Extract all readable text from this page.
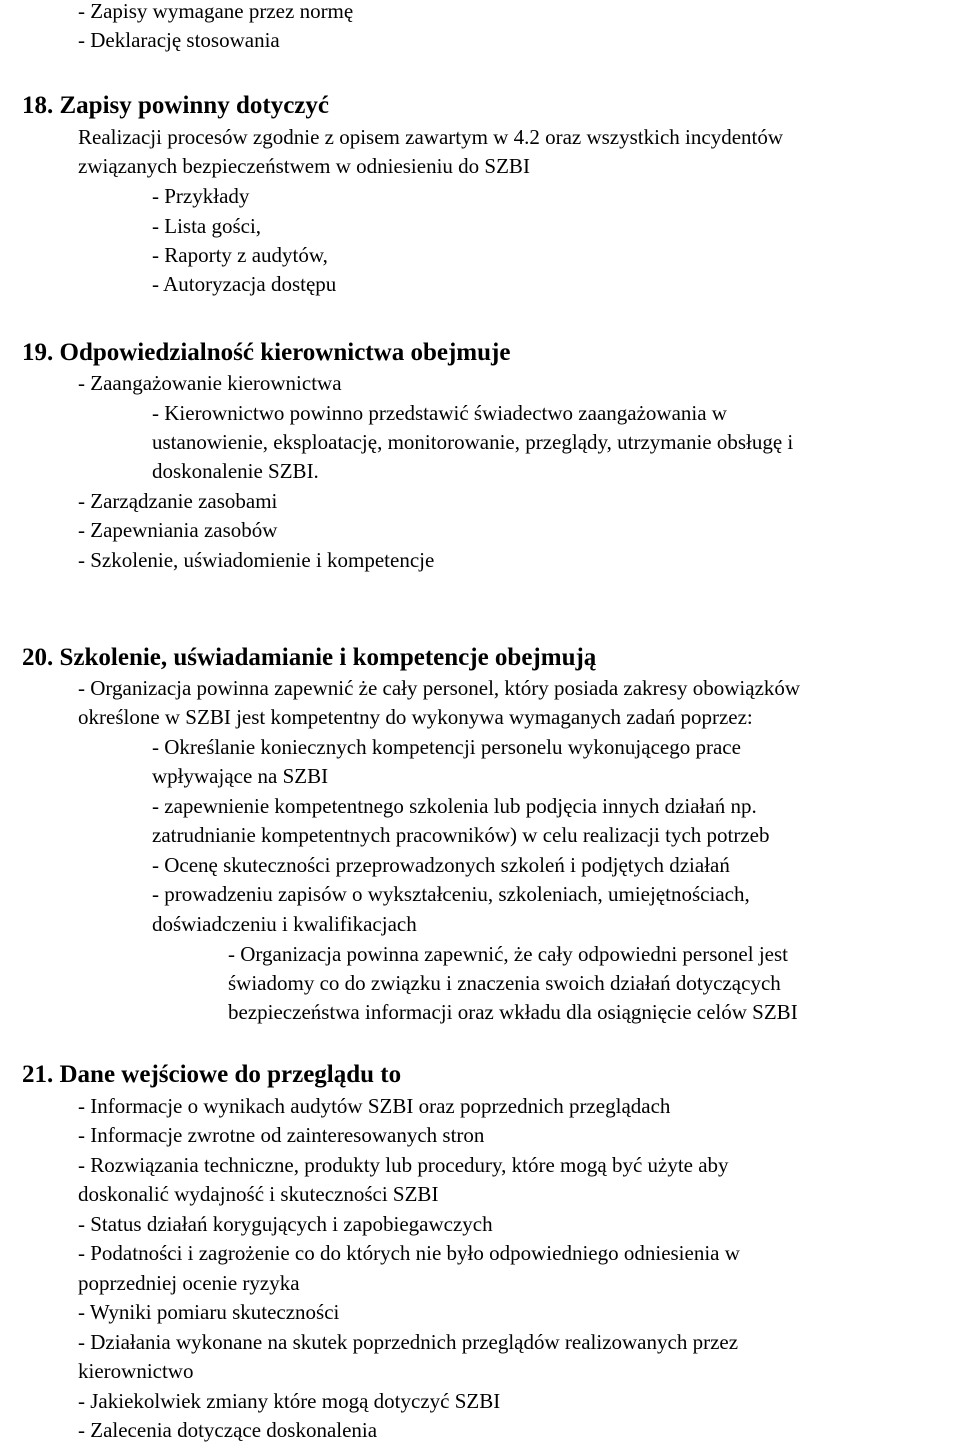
- Zapisy wymagane przez normę
- Deklarację stosowania
18. Zapisy powinny dotyczyć
Realizacji procesów zgodnie z opisem zawartym w 4.2 oraz wszystkich incydentów
związanych bezpieczeństwem w odniesieniu do SZBI
- Przykłady
- Lista gości,
- Raporty z audytów,
- Autoryzacja dostępu
19. Odpowiedzialność kierownictwa obejmuje
- Zaangażowanie kierownictwa
- Kierownictwo powinno przedstawić świadectwo zaangażowania w
ustanowienie, eksploatację, monitorowanie, przeglądy, utrzymanie obsługę i
doskonalenie SZBI.
- Zarządzanie zasobami
- Zapewniania zasobów
- Szkolenie, uświadomienie i kompetencje
20. Szkolenie, uświadamianie i kompetencje obejmują
- Organizacja powinna zapewnić że cały personel, który posiada zakresy obowiązków
określone w SZBI jest kompetentny do wykonywa wymaganych zadań poprzez:
- Określanie koniecznych kompetencji personelu wykonującego prace
wpływające na SZBI
- zapewnienie kompetentnego szkolenia lub podjęcia innych działań np.
zatrudnianie kompetentnych pracowników) w celu realizacji tych potrzeb
- Ocenę skuteczności przeprowadzonych szkoleń i podjętych działań
- prowadzeniu zapisów o wykształceniu, szkoleniach, umiejętnościach,
doświadczeniu i kwalifikacjach
- Organizacja powinna zapewnić, że cały odpowiedni personel jest
świadomy co do związku i znaczenia swoich działań dotyczących
bezpieczeństwa informacji oraz wkładu dla osiągnięcie celów SZBI
21. Dane wejściowe do przeglądu to
- Informacje o wynikach audytów SZBI oraz poprzednich przeglądach
- Informacje zwrotne od zainteresowanych stron
- Rozwiązania techniczne, produkty lub procedury, które mogą być użyte aby
doskonalić wydajność i skuteczności SZBI
- Status działań korygujących i zapobiegawczych
- Podatności i zagrożenie co do których nie było odpowiedniego odniesienia w
poprzedniej ocenie ryzyka
- Wyniki pomiaru skuteczności
- Działania wykonane na skutek poprzednich przeglądów realizowanych przez
kierownictwo
- Jakiekolwiek zmiany które mogą dotyczyć SZBI
- Zalecenia dotyczące doskonalenia
